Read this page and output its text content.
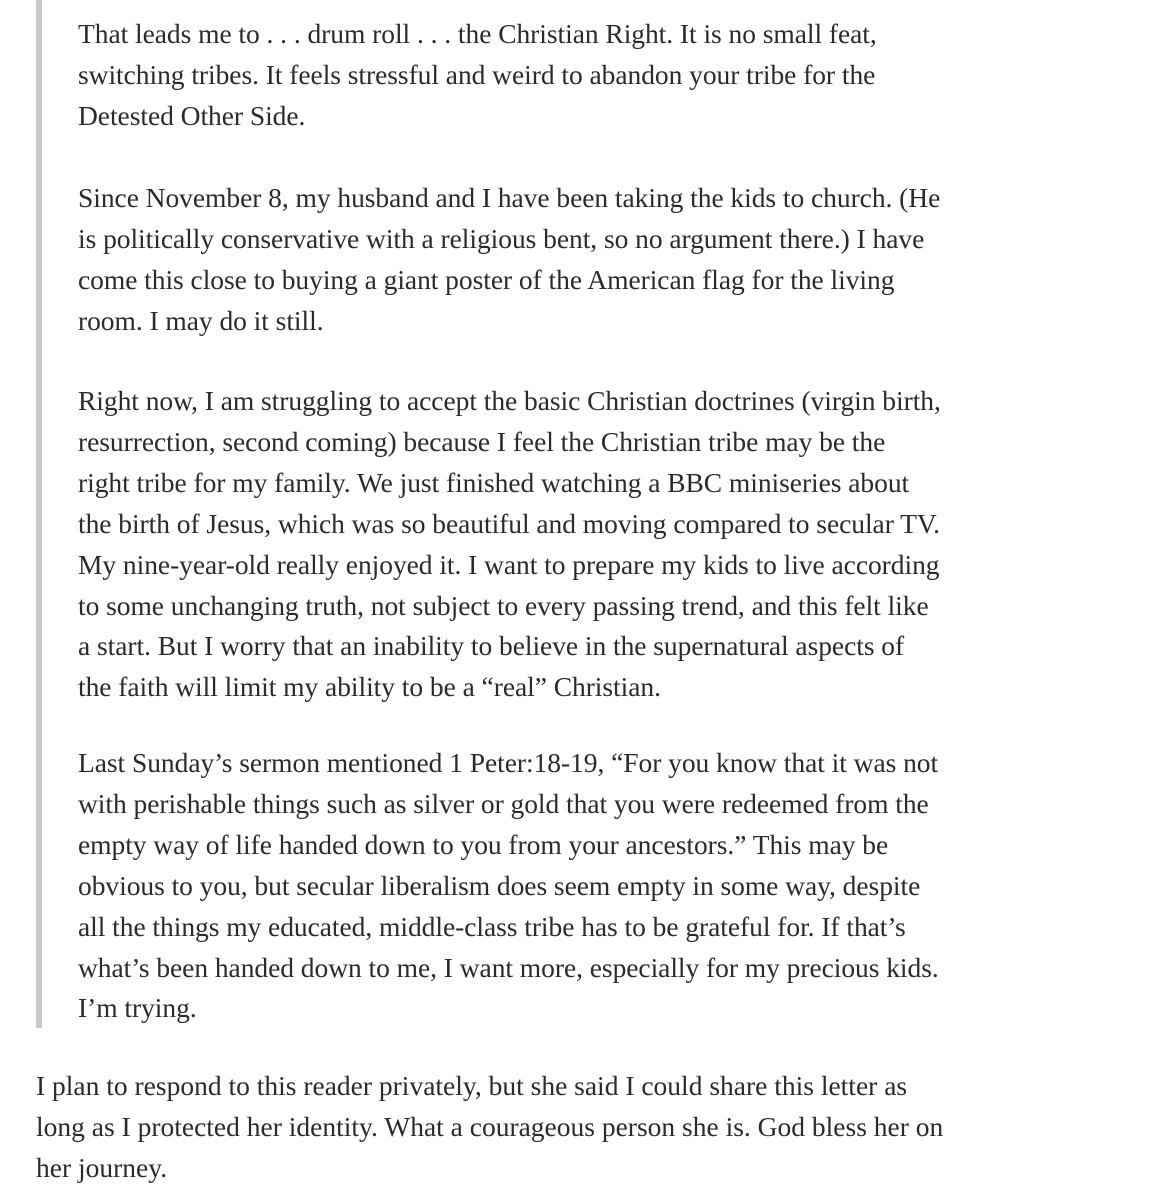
That leads me to . . . drum roll . . . the Christian Right. It is no small feat,
switching tribes. It feels stressful and weird to abandon your tribe for the
Detested Other Side.

Since November 8, my husband and I have been taking the kids to church. (He
is politically conservative with a religious bent, so no argument there.) I have
come this close to buying a giant poster of the American flag for the living
room. I may do it still.

Right now, I am struggling to accept the basic Christian doctrines (virgin birth,
resurrection, second coming) because I feel the Christian tribe may be the
right tribe for my family. We just finished watching a BBC miniseries about
the birth of Jesus, which was so beautiful and moving compared to secular TV.
My nine-year-old really enjoyed it. I want to prepare my kids to live according
to some unchanging truth, not subject to every passing trend, and this felt like
a start. But I worry that an inability to believe in the supernatural aspects of
the faith will limit my ability to be a “real” Christian.

Last Sunday’s sermon mentioned 1 Peter:18-19, “For you know that it was not
with perishable things such as silver or gold that you were redeemed from the
empty way of life handed down to you from your ancestors.” This may be
obvious to you, but secular liberalism does seem empty in some way, despite
all the things my educated, middle-class tribe has to be grateful for. If that’s
what’s been handed down to me, I want more, especially for my precious kids.
I’m trying.

I plan to respond to this reader privately, but she said I could share this letter as
long as I protected her identity. What a courageous person she is. God bless her on
her journey.
